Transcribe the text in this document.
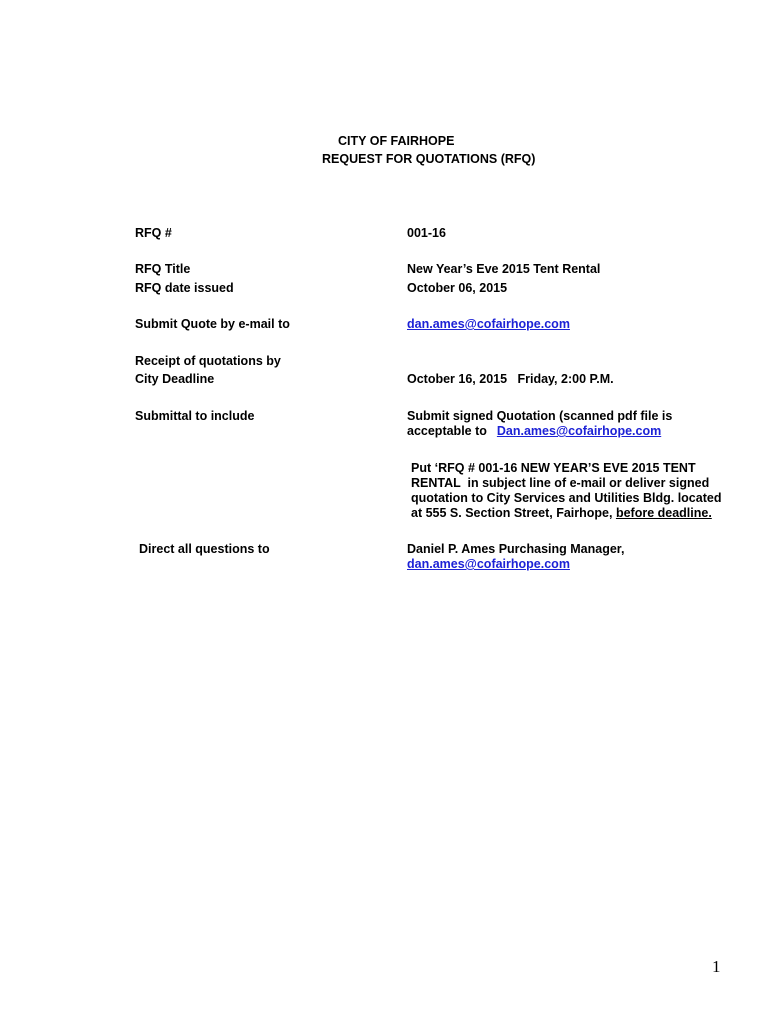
CITY OF FAIRHOPE
REQUEST FOR QUOTATIONS (RFQ)
RFQ #	001-16
RFQ Title	New Year’s Eve 2015 Tent Rental
RFQ date issued	October 06, 2015
Submit Quote by e-mail to	dan.ames@cofairhope.com
Receipt of quotations by
City Deadline	October 16, 2015   Friday, 2:00 P.M.
Submittal to include	Submit signed Quotation (scanned pdf file is
acceptable to Dan.ames@cofairhope.com
Put ‘RFQ # 001-16 NEW YEAR’S EVE 2015 TENT
RENTAL  in subject line of e-mail or deliver signed
quotation to City Services and Utilities Bldg. located
at 555 S. Section Street, Fairhope, before deadline.
Direct all questions to	Daniel P. Ames Purchasing Manager,
dan.ames@cofairhope.com
1
